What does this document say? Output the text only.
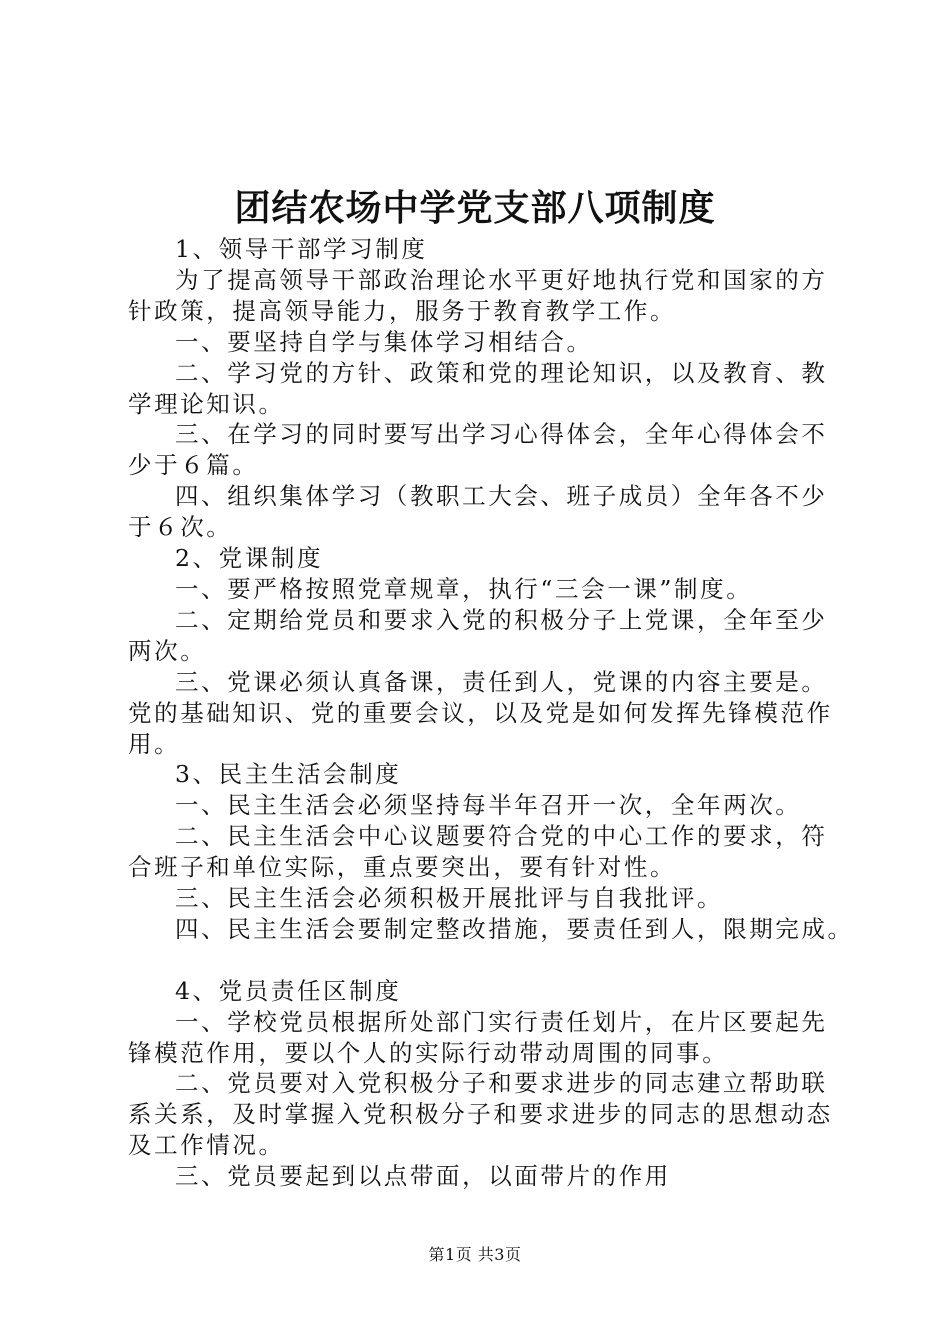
团结农场中学党支部八项制度

1、领导干部学习制度

为了提高领导干部政治理论水平更好地执行党和国家的方

针政策，提高领导能力，服务于教育教学工作。

一、要坚持自学与集体学习相结合。

二、学习党的方针、政策和党的理论知识，以及教育、教

学理论知识。

三、在学习的同时要写出学习心得体会，全年心得体会不

少于６篇。

四、组织集体学习（教职工大会、班子成员）全年各不少

于６次。

2、党课制度

一、要严格按照党章规章，执行“三会一课”制度。

二、定期给党员和要求入党的积极分子上党课，全年至少

两次。

三、党课必须认真备课，责任到人，党课的内容主要是。

党的基础知识、党的重要会议，以及党是如何发挥先锋模范作

用。

3、民主生活会制度

一、民主生活会必须坚持每半年召开一次，全年两次。

二、民主生活会中心议题要符合党的中心工作的要求，符

合班子和单位实际，重点要突出，要有针对性。

三、民主生活会必须积极开展批评与自我批评。

四、民主生活会要制定整改措施，要责任到人，限期完成。

4、党员责任区制度

一、学校党员根据所处部门实行责任划片，在片区要起先

锋模范作用，要以个人的实际行动带动周围的同事。

二、党员要对入党积极分子和要求进步的同志建立帮助联

系关系，及时掌握入党积极分子和要求进步的同志的思想动态

及工作情况。

三、党员要起到以点带面，以面带片的作用

第1页 共3页
